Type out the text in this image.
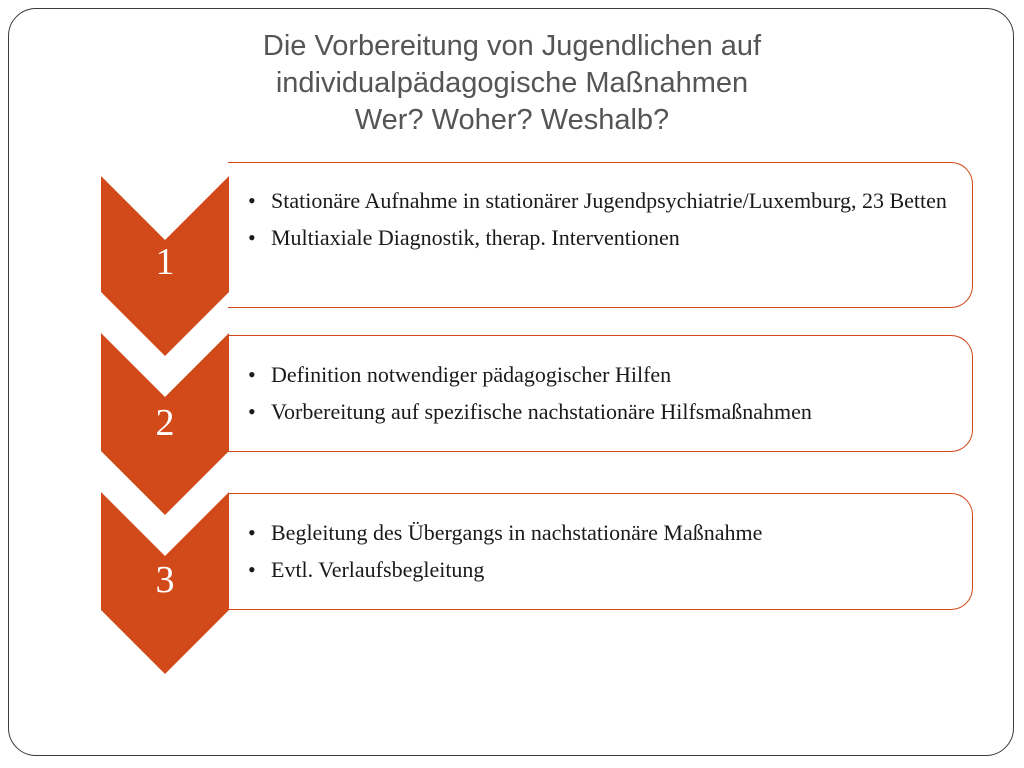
Die Vorbereitung von Jugendlichen auf
individualpädagogische Maßnahmen
Wer? Woher? Weshalb?
• Stationäre Aufnahme in stationärer Jugendpsychiatrie/Luxemburg, 23 Betten
• Multiaxiale Diagnostik, therap. Interventionen
1
• Definition notwendiger pädagogischer Hilfen
• Vorbereitung auf spezifische nachstationäre Hilfsmaßnahmen
2
• Begleitung des Übergangs in nachstationäre Maßnahme
• Evtl. Verlaufsbegleitung
3
